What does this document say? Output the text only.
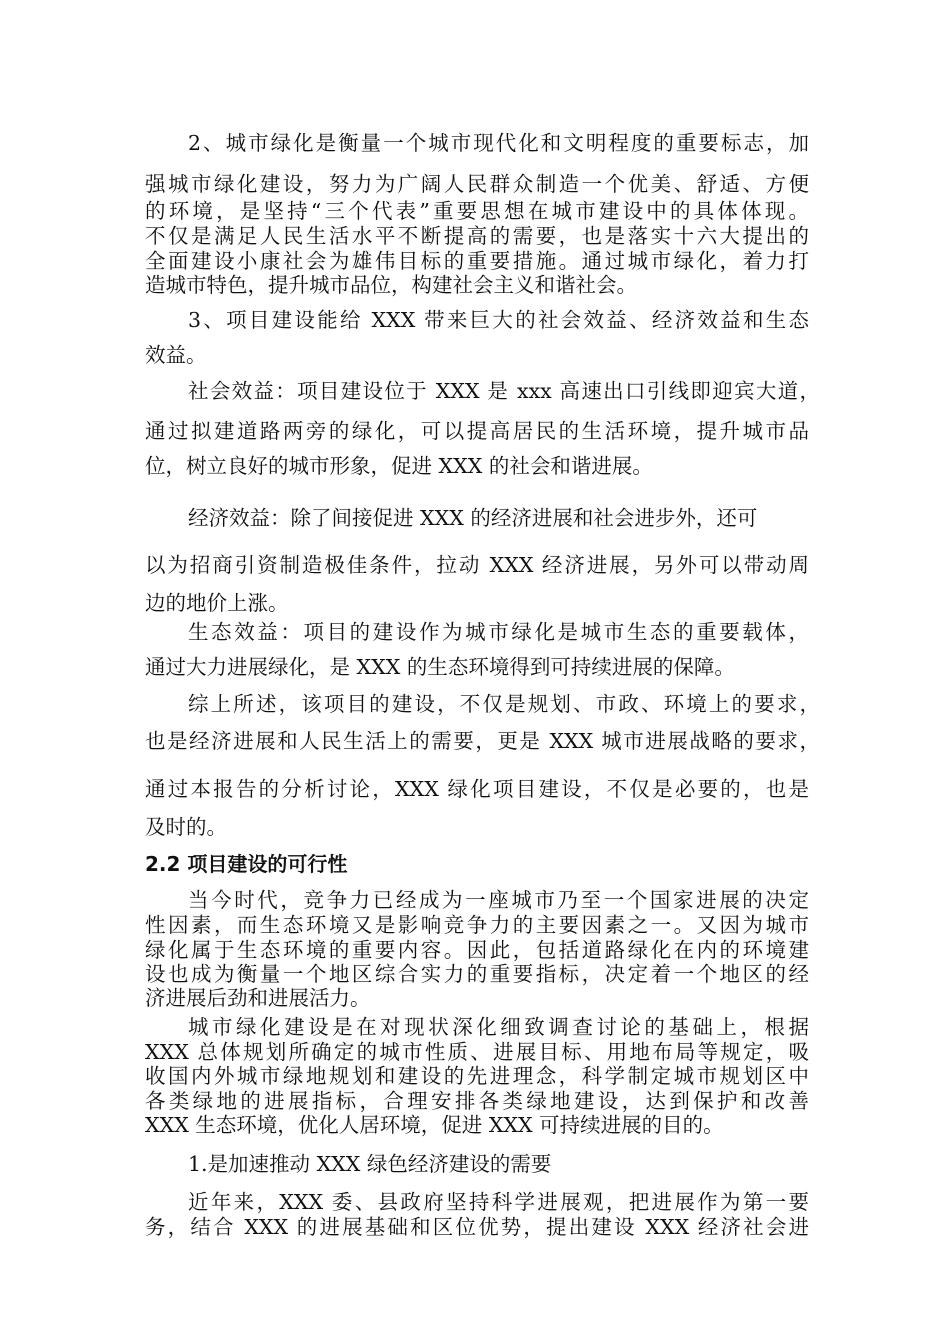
2、城市绿化是衡量一个城市现代化和文明程度的重要标志，加

强城市绿化建设，努力为广阔人民群众制造一个优美、舒适、方便

的环境，是坚持“三个代表”重要思想在城市建设中的具体体现。

不仅是满足人民生活水平不断提高的需要，也是落实十六大提出的

全面建设小康社会为雄伟目标的重要措施。通过城市绿化，着力打

造城市特色，提升城市品位，构建社会主义和谐社会。

3、项目建设能给 XXX 带来巨大的社会效益、经济效益和生态

效益。

社会效益：项目建设位于 XXX 是 xxx 高速出口引线即迎宾大道，

通过拟建道路两旁的绿化，可以提高居民的生活环境，提升城市品

位，树立良好的城市形象，促进 XXX 的社会和谐进展。

经济效益：除了间接促进 XXX 的经济进展和社会进步外，还可

以为招商引资制造极佳条件，拉动 XXX 经济进展，另外可以带动周

边的地价上涨。

生态效益：项目的建设作为城市绿化是城市生态的重要载体，

通过大力进展绿化，是 XXX 的生态环境得到可持续进展的保障。

综上所述，该项目的建设，不仅是规划、市政、环境上的要求，

也是经济进展和人民生活上的需要，更是 XXX 城市进展战略的要求，

通过本报告的分析讨论，XXX 绿化项目建设，不仅是必要的，也是

及时的。

2.2 项目建设的可行性

当今时代，竞争力已经成为一座城市乃至一个国家进展的决定

性因素，而生态环境又是影响竞争力的主要因素之一。又因为城市

绿化属于生态环境的重要内容。因此，包括道路绿化在内的环境建

设也成为衡量一个地区综合实力的重要指标，决定着一个地区的经

济进展后劲和进展活力。

城市绿化建设是在对现状深化细致调查讨论的基础上，根据

XXX 总体规划所确定的城市性质、进展目标、用地布局等规定，吸

收国内外城市绿地规划和建设的先进理念，科学制定城市规划区中

各类绿地的进展指标，合理安排各类绿地建设，达到保护和改善

XXX 生态环境，优化人居环境，促进 XXX 可持续进展的目的。

1.是加速推动 XXX 绿色经济建设的需要

近年来，XXX 委、县政府坚持科学进展观，把进展作为第一要

务，结合 XXX 的进展基础和区位优势，提出建设 XXX 经济社会进
